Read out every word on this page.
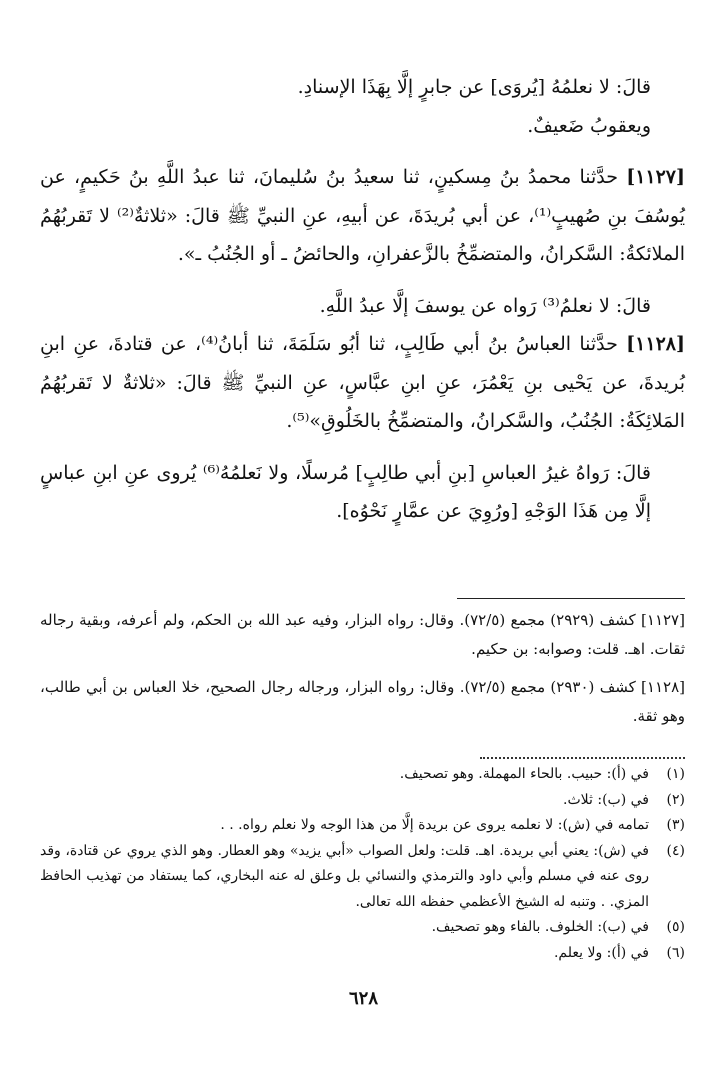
قالَ: لا نعلمُهُ [يُروَى] عن جابرٍ إلَّا بِهَذَا الإسنادِ.

ويعقوبُ ضَعيفٌ.

[١١٢٧] حدَّثنا محمدُ بنُ مِسكينٍ، ثنا سعيدُ بنُ سُليمانَ، ثنا عبدُ اللَّهِ بنُ حَكيمٍ، عن يُوسُفَ بنِ صُهيبٍ⁽¹⁾، عن أبي بُريدَةَ، عن أبيهِ، عنِ النبيِّ ﷺ قالَ: «ثلاثةٌ⁽²⁾ لا تَقربُهُمُ الملائكةُ: السَّكرانُ، والمتضمِّخُ بالزَّعفرانِ، والحائضُ ـ أو الجُنُبُ ـ».

قالَ: لا نعلمُ⁽³⁾ رَواه عن يوسفَ إلَّا عبدُ اللَّهِ.

[١١٢٨] حدَّثنا العباسُ بنُ أبي طَالِبٍ، ثنا أبُو سَلَمَةَ، ثنا أبانُ⁽⁴⁾، عن قتادةَ، عنِ ابنِ بُريدةَ، عن يَحْيى بنِ يَعْمُرَ، عنِ ابنِ عبَّاسٍ، عنِ النبيِّ ﷺ قالَ: «ثلاثةٌ لا تَقربُهُمُ المَلائِكَةُ: الجُنُبُ، والسَّكرانُ، والمتضمِّخُ بالخَلُوقِ»⁽⁵⁾.

قالَ: رَواهُ غيرُ العباسِ [بنِ أبي طالِبٍ] مُرسلًا، ولا نَعلمُهُ⁽⁶⁾ يُروى عنِ ابنِ عباسٍ إلَّا مِن هَذَا الوَجْهِ [ورُوِيَ عن عمَّارٍ نَحْوُه].

[١١٢٧] كشف (٢٩٢٩) مجمع (٧٢/٥). وقال: رواه البزار، وفيه عبد الله بن الحكم، ولم أعرفه، وبقية رجاله ثقات. اهـ. قلت: وصوابه: بن حكيم.

[١١٢٨] كشف (٢٩٣٠) مجمع (٧٢/٥). وقال: رواه البزار، ورجاله رجال الصحيح، خلا العباس بن أبي طالب، وهو ثقة.

(١)
في (أ): حبيب. بالحاء المهملة. وهو تصحيف.
(٢)
في (ب): ثلاث.
(٣)
تمامه في (ش): لا نعلمه يروى عن بريدة إلَّا من هذا الوجه ولا نعلم رواه. . .
(٤)
في (ش): يعني أبي بريدة. اهـ. قلت: ولعل الصواب «أبي يزيد» وهو العطار. وهو الذي يروي عن قتادة، وقد روى عنه في مسلم وأبي داود والترمذي والنسائي بل وعلق له عنه البخاري، كما يستفاد من تهذيب الحافظ المزي. . وتنبه له الشيخ الأعظمي حفظه الله تعالى.
(٥)
في (ب): الخلوف. بالفاء وهو تصحيف.
(٦)
في (أ): ولا يعلم.
٦٢٨
